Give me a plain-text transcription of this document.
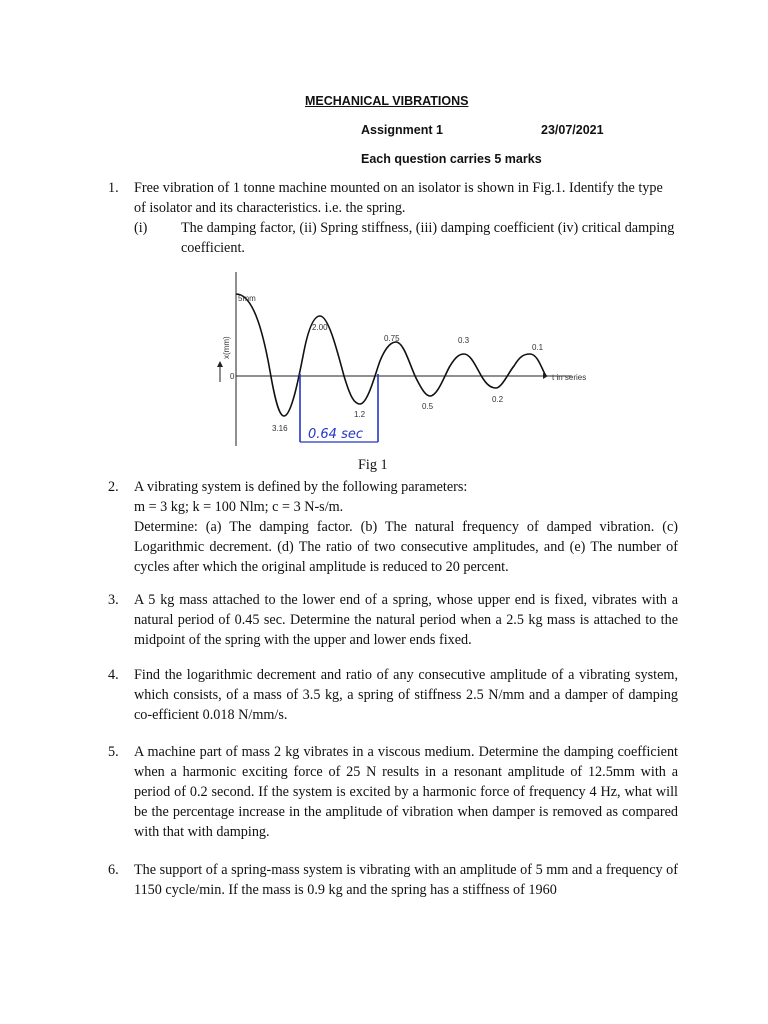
MECHANICAL VIBRATIONS
Assignment 1	23/07/2021
Each question carries 5 marks
1. Free vibration of 1 tonne machine mounted on an isolator is shown in Fig.1. Identify the type of isolator and its characteristics. i.e. the spring.

(i) The damping factor, (ii) Spring stiffness, (iii) damping coefficient (iv) critical damping coefficient.
x(mm)
t in series
0
5mm
2.00
0.75	0.3
0.1
3.16
1.2
0.5
0.2
0.64 sec
Fig 1
2. A vibrating system is defined by the following parameters:

m = 3 kg; k = 100 Nlm; c = 3 N-s/m.

Determine: (a) The damping factor. (b) The natural frequency of damped vibration. (c) Logarithmic decrement. (d) The ratio of two consecutive amplitudes, and (e) The number of cycles after which the original amplitude is reduced to 20 percent.

3. A 5 kg mass attached to the lower end of a spring, whose upper end is fixed, vibrates with a natural period of 0.45 sec. Determine the natural period when a 2.5 kg mass is attached to the midpoint of the spring with the upper and lower ends fixed.

4. Find the logarithmic decrement and ratio of any consecutive amplitude of a vibrating system, which consists, of a mass of 3.5 kg, a spring of stiffness 2.5 N/mm and a damper of damping co-efficient 0.018 N/mm/s.

5. A machine part of mass 2 kg vibrates in a viscous medium. Determine the damping coefficient when a harmonic exciting force of 25 N results in a resonant amplitude of 12.5mm with a period of 0.2 second. If the system is excited by a harmonic force of frequency 4 Hz, what will be the percentage increase in the amplitude of vibration when damper is removed as compared with that with damping.

6. The support of a spring-mass system is vibrating with an amplitude of 5 mm and a frequency of 1150 cycle/min. If the mass is 0.9 kg and the spring has a stiffness of 1960
